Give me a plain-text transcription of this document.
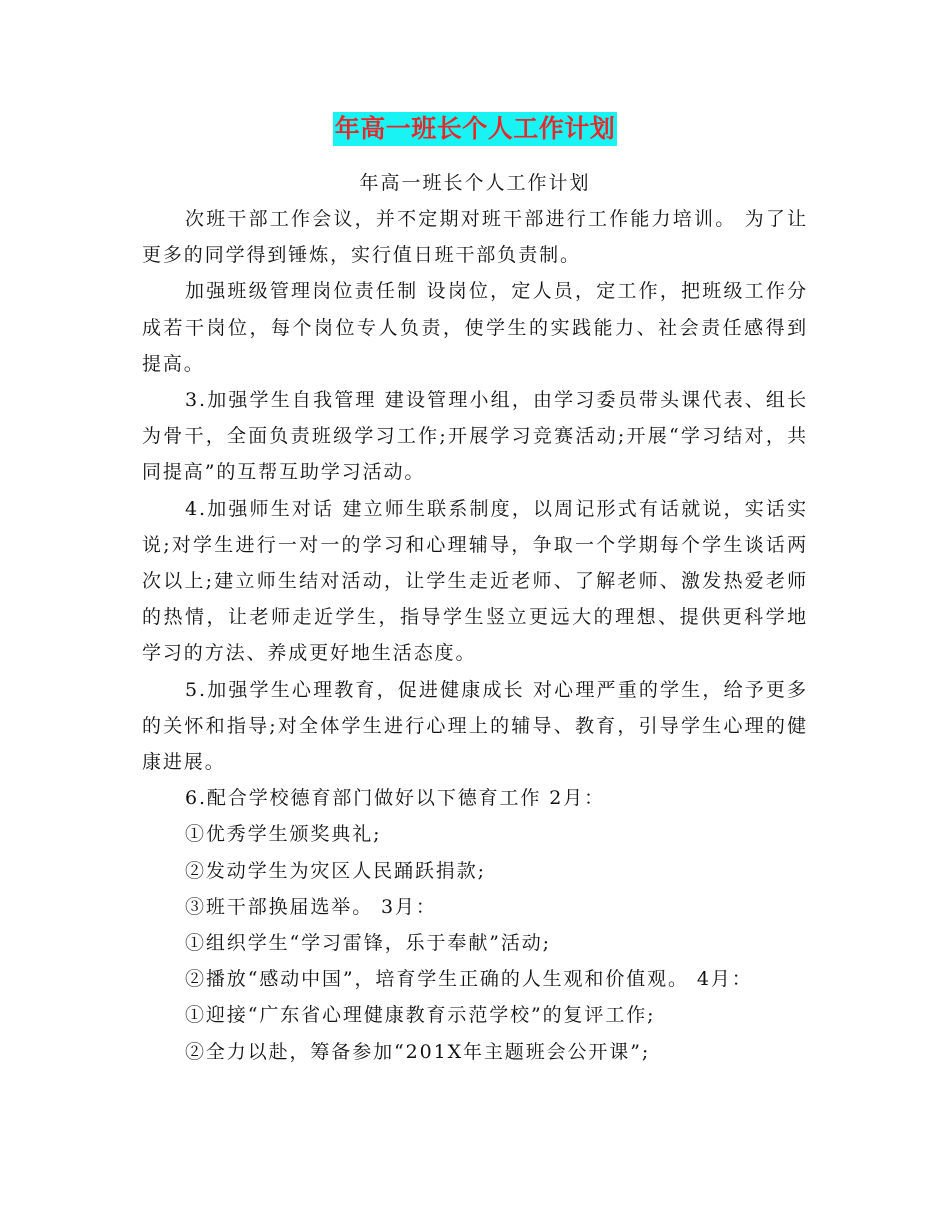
年高一班长个人工作计划
年高一班长个人工作计划

次班干部工作会议，并不定期对班干部进行工作能力培训。 为了让更多的同学得到锤炼，实行值日班干部负责制。

加强班级管理岗位责任制 设岗位，定人员，定工作，把班级工作分成若干岗位，每个岗位专人负责，使学生的实践能力、社会责任感得到提高。

3.加强学生自我管理 建设管理小组，由学习委员带头课代表、组长为骨干，全面负责班级学习工作;开展学习竞赛活动;开展“学习结对，共同提高”的互帮互助学习活动。

4.加强师生对话 建立师生联系制度，以周记形式有话就说，实话实说;对学生进行一对一的学习和心理辅导，争取一个学期每个学生谈话两次以上;建立师生结对活动，让学生走近老师、了解老师、激发热爱老师的热情，让老师走近学生，指导学生竖立更远大的理想、提供更科学地学习的方法、养成更好地生活态度。

5.加强学生心理教育，促进健康成长 对心理严重的学生，给予更多的关怀和指导;对全体学生进行心理上的辅导、教育，引导学生心理的健康进展。

6.配合学校德育部门做好以下德育工作 2月：

①优秀学生颁奖典礼;

②发动学生为灾区人民踊跃捐款;

③班干部换届选举。 3月：

①组织学生“学习雷锋，乐于奉献”活动;

②播放“感动中国”，培育学生正确的人生观和价值观。 4月：

①迎接“广东省心理健康教育示范学校”的复评工作;

②全力以赴，筹备参加“201X年主题班会公开课”;
